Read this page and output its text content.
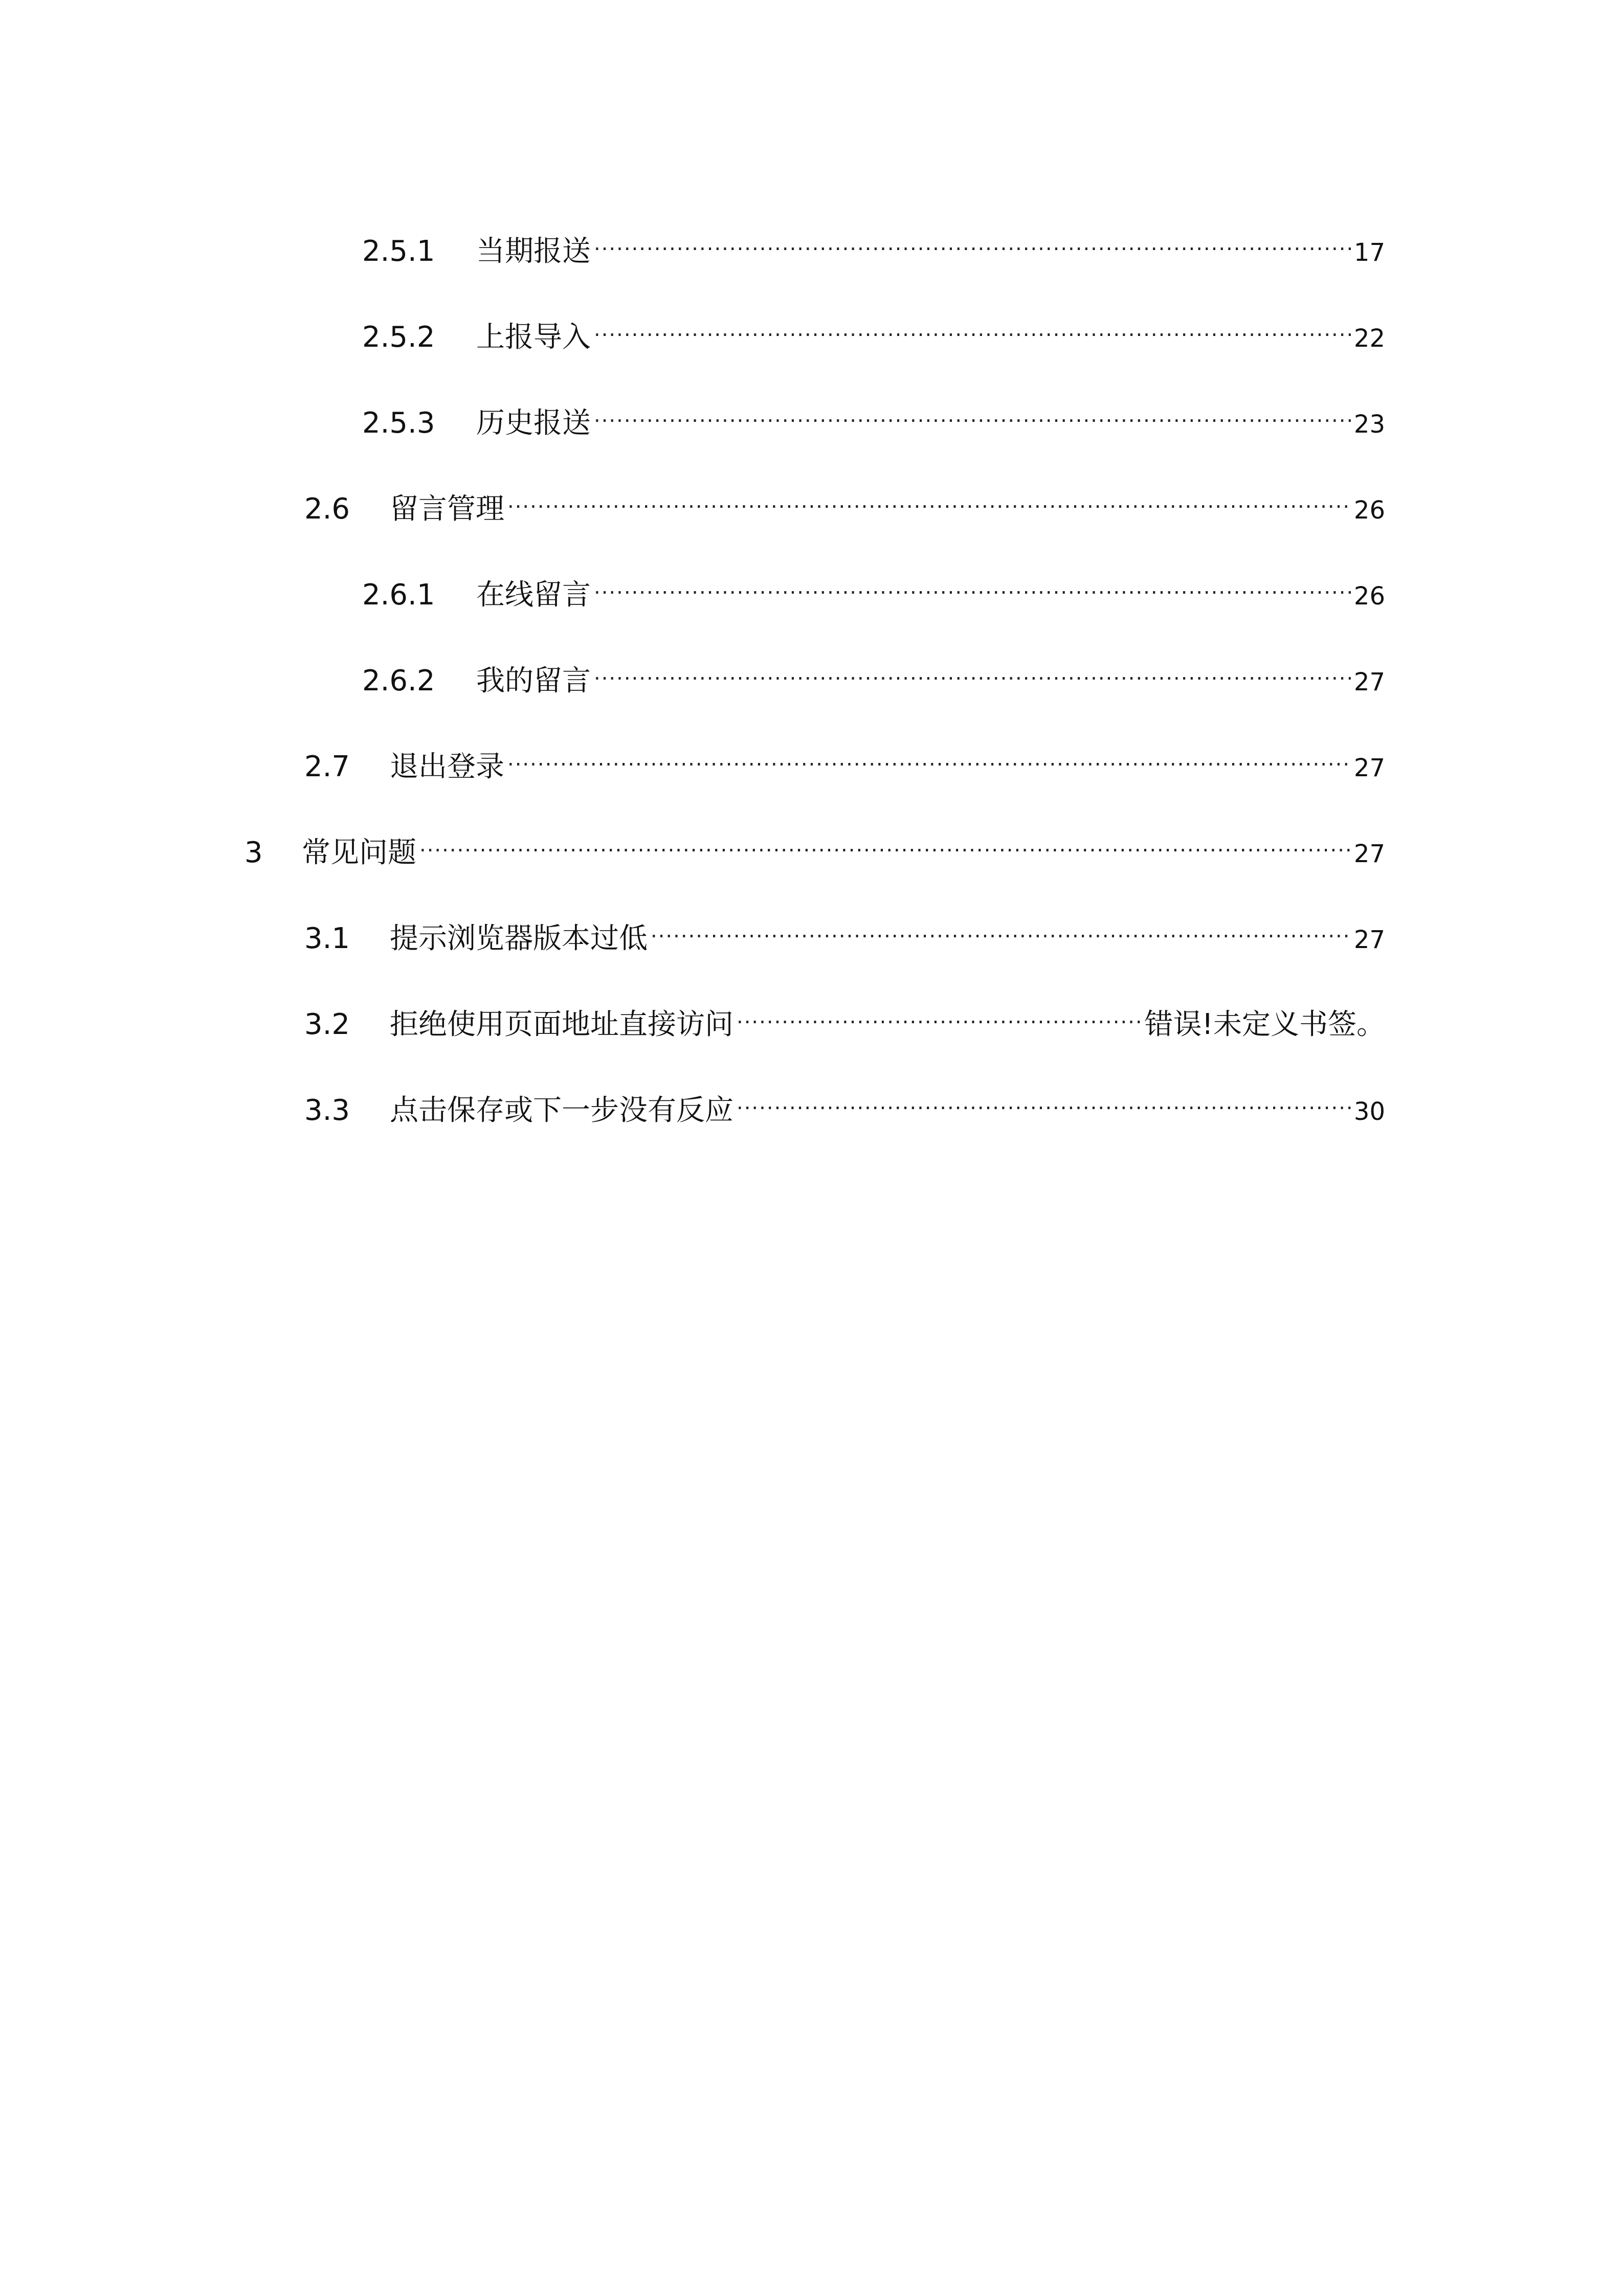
2.5.1	当期报送 .....	17
2.5.2	上报导入 .....	22
2.5.3	历史报送 .....	23
2.6	留言管理 .....	26
2.6.1	在线留言 .....	26
2.6.2	我的留言 .....	27
2.7	退出登录 .....	27
3	常见问题 .....	27
3.1	提示浏览器版本过低 .....	27
3.2	拒绝使用页面地址直接访问 .....	错误!未定义书签。
3.3	点击保存或下一步没有反应 .....	30
